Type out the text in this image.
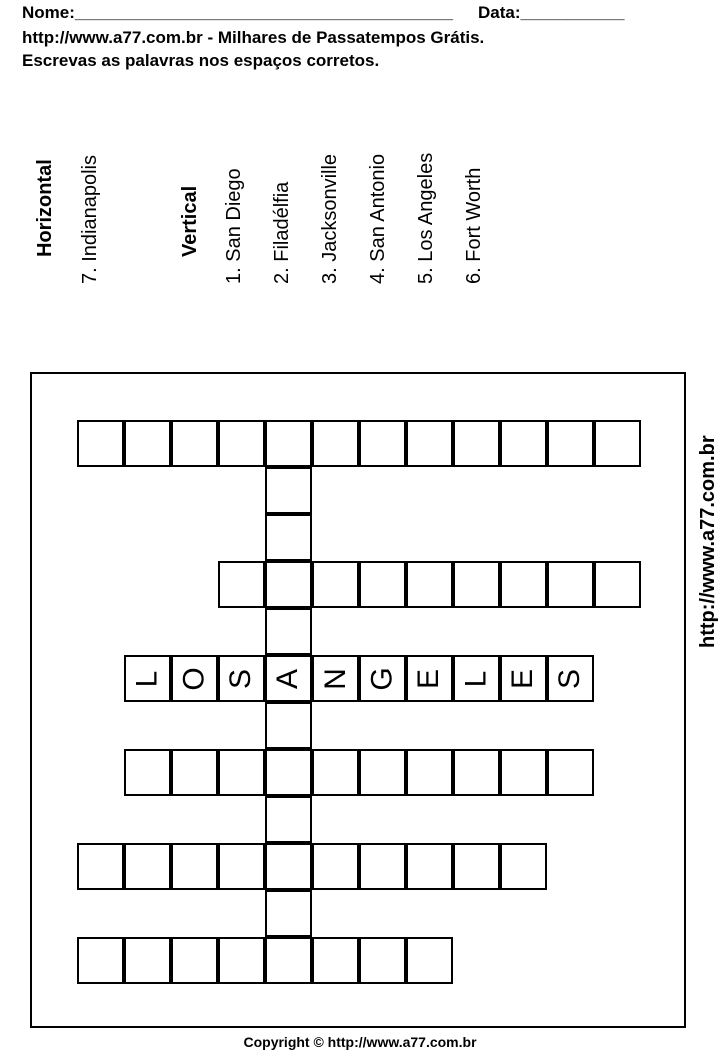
Nome:________________________________________ Data:___________
http://www.a77.com.br - Milhares de Passatempos Grátis.
Escrevas as palavras nos espaços corretos.
Horizontal 7. Indianapolis	Vertical 1. San Diego 2. Filadélfia 3. Jacksonville 4. San Antonio 5. Los Angeles 6. Fort Worth
L O S A N G E L E S
http://www.a77.com.br
Copyright © http://www.a77.com.br
